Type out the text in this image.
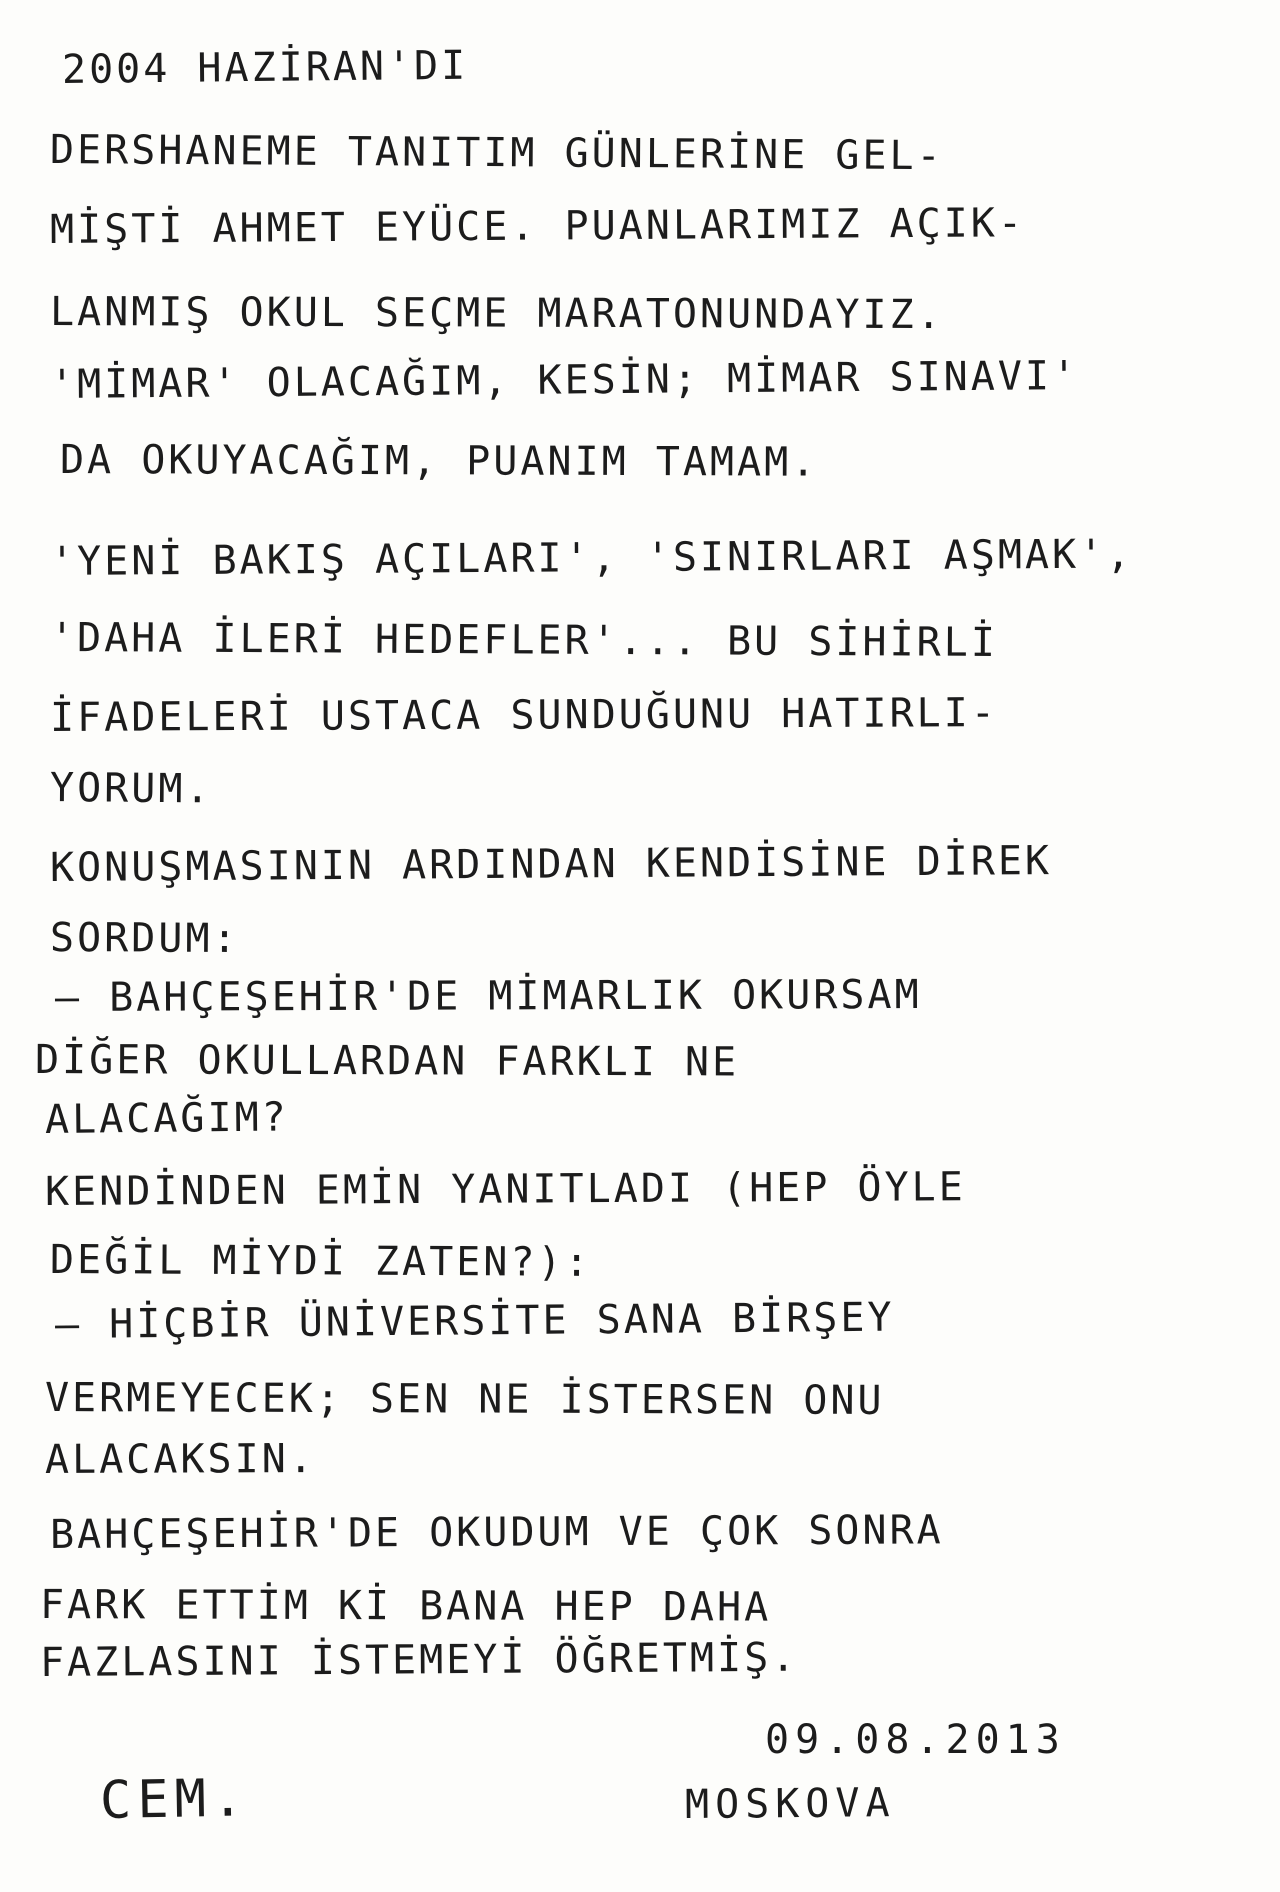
2004 HAZİRAN'DI
DERSHANEME TANITIM GÜNLERİNE GEL-
MİŞTİ AHMET EYÜCE. PUANLARIMIZ AÇIK-
LANMIŞ OKUL SEÇME MARATONUNDAYIZ.
'MİMAR' OLACAĞIM, KESİN; MİMAR SINAVI'
DA OKUYACAĞIM, PUANIM TAMAM.
'YENİ BAKIŞ AÇILARI', 'SINIRLARI AŞMAK',
'DAHA İLERİ HEDEFLER'... BU SİHİRLİ
İFADELERİ USTACA SUNDUĞUNU HATIRLI-
YORUM.
KONUŞMASININ ARDINDAN KENDİSİNE DİREK
SORDUM:
– BAHÇEŞEHİR'DE MİMARLIK OKURSAM
DİĞER OKULLARDAN FARKLI NE
ALACAĞIM?
KENDİNDEN EMİN YANITLADI (HEP ÖYLE
DEĞİL MİYDİ ZATEN?):
– HİÇBİR ÜNİVERSİTE SANA BİRŞEY
VERMEYECEK; SEN NE İSTERSEN ONU
ALACAKSIN.
BAHÇEŞEHİR'DE OKUDUM VE ÇOK SONRA
FARK ETTİM Kİ BANA HEP DAHA
FAZLASINI İSTEMEYİ ÖĞRETMİŞ.
09.08.2013
CEM.	MOSKOVA
